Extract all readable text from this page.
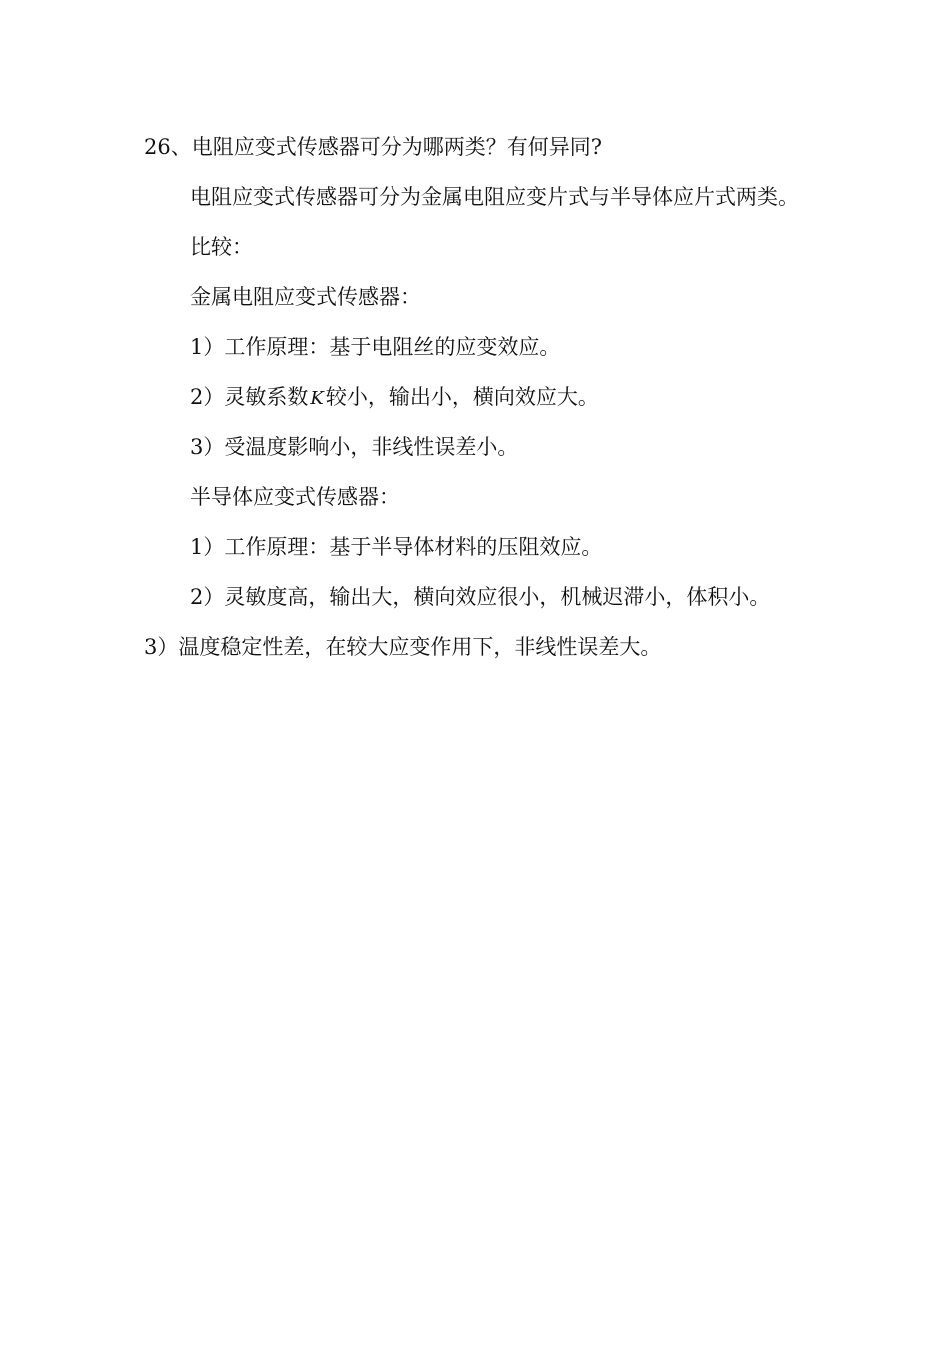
26、电阻应变式传感器可分为哪两类？有何异同?
电阻应变式传感器可分为金属电阻应变片式与半导体应片式两类。
比较：
金属电阻应变式传感器：
1）工作原理：基于电阻丝的应变效应。
2）灵敏系数 K较小，输出小，横向效应大。
3）受温度影响小，非线性误差小。
半导体应变式传感器：
1）工作原理：基于半导体材料的压阻效应。
2）灵敏度高，输出大，横向效应很小，机械迟滞小，体积小。
3）温度稳定性差，在较大应变作用下，非线性误差大。
